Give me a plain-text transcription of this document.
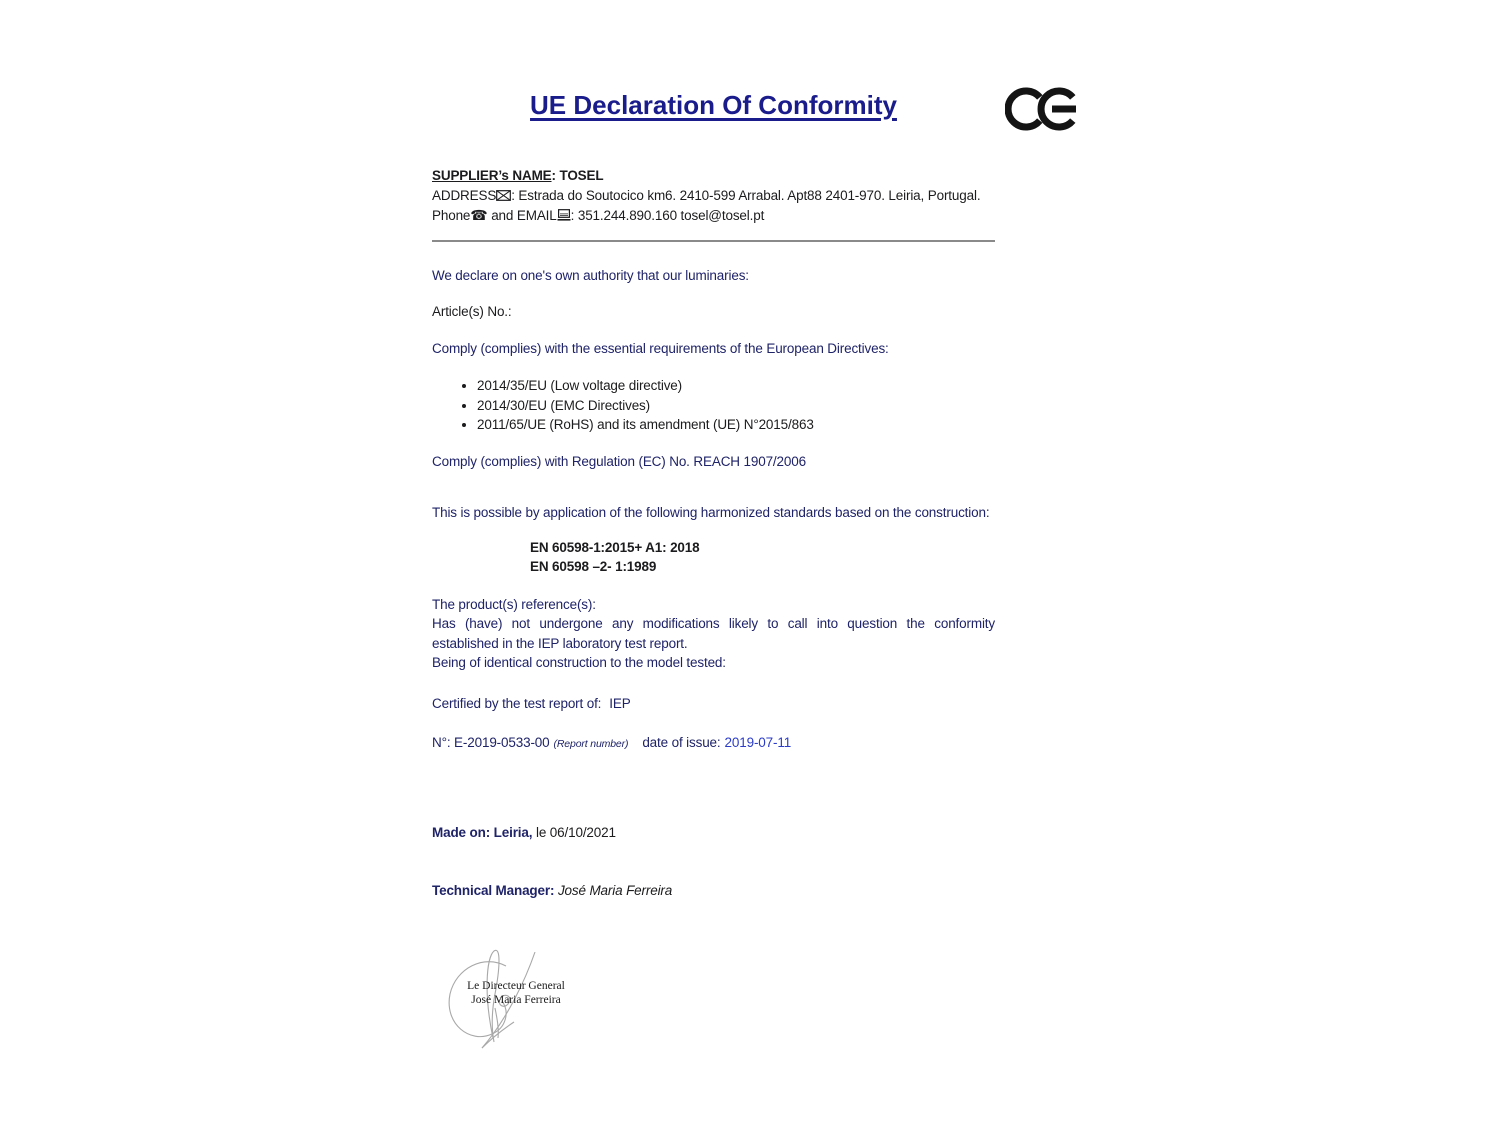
UE Declaration Of Conformity

SUPPLIER’s NAME: TOSEL

ADDRESS : Estrada do Soutocico km6. 2410-599 Arrabal. Apt88 2401-970. Leiria, Portugal.

Phone☎ and EMAIL : 351.244.890.160 tosel@tosel.pt

We declare on one's own authority that our luminaries:

Article(s) No.:

Comply (complies) with the essential requirements of the European Directives:

• 2014/35/EU (Low voltage directive)
• 2014/30/EU (EMC Directives)
• 2011/65/UE (RoHS) and its amendment (UE) N°2015/863

Comply (complies) with Regulation (EC) No. REACH 1907/2006

This is possible by application of the following harmonized standards based on the construction:

EN 60598-1:2015+ A1: 2018

EN 60598 –2- 1:1989

The product(s) reference(s):

Has (have) not undergone any modifications likely to call into question the conformity established in the IEP laboratory test report.

Being of identical construction to the model tested:

Certified by the test report of: IEP

N°: E-2019-0533-00 (Report number) date of issue: 2019-07-11

Made on: Leiria, le 06/10/2021

Technical Manager: José Maria Ferreira

Le Directeur General
José Maria Ferreira
